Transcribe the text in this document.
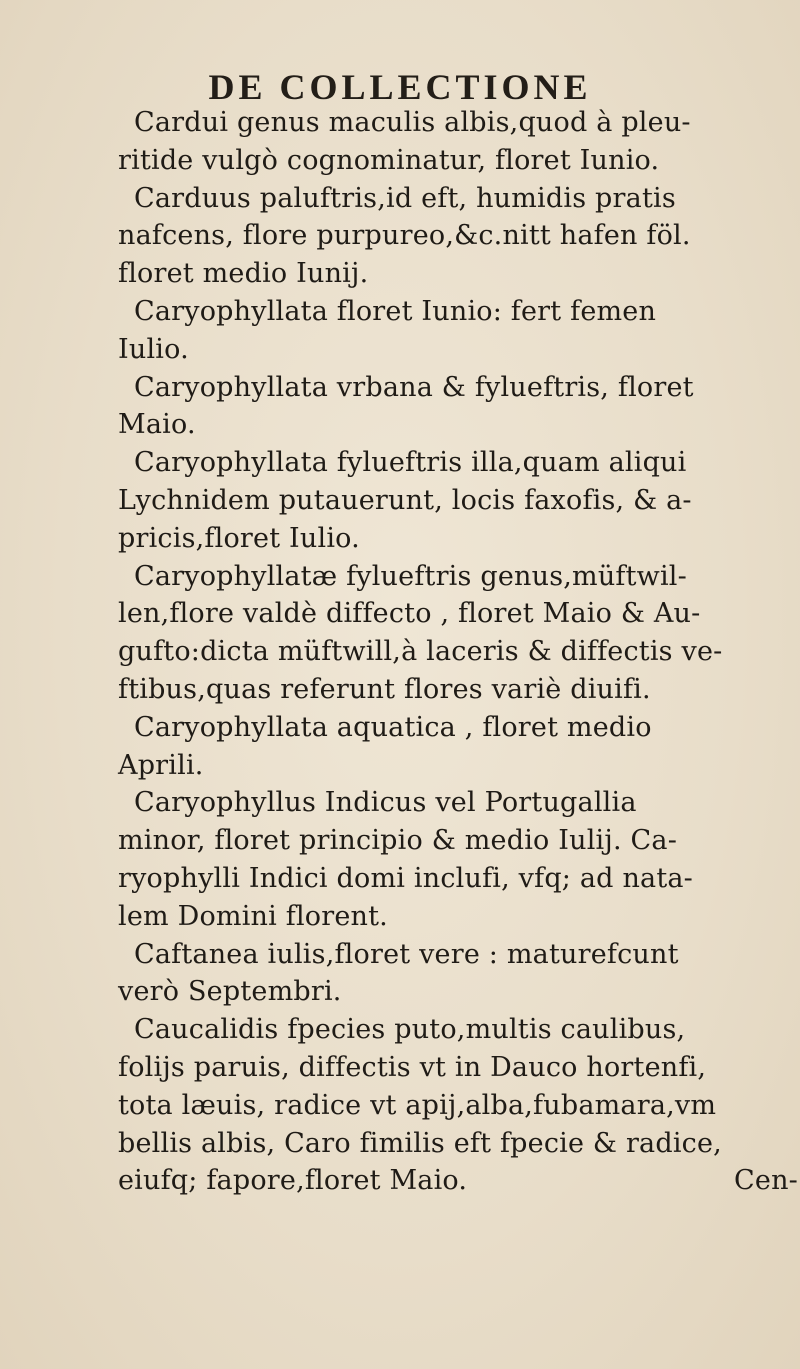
DE COLLECTIONE
Cardui genus maculis albis,quod à pleu-
ritide vulgò cognominatur, floret Iunio.
Carduus paluftris,id eft, humidis pratis
nafcens, flore purpureo,&c.nitt hafen föl.
floret medio Iunij.
Caryophyllata floret Iunio: fert femen
Iulio.
Caryophyllata vrbana & fylueftris, floret
Maio.
Caryophyllata fylueftris illa,quam aliqui
Lychnidem putauerunt, locis faxofis, & a-
pricis,floret Iulio.
Caryophyllatæ fylueftris genus,müftwil-
len,flore valdè diffecto , floret Maio & Au-
gufto:dicta müftwill,à laceris & diffectis ve-
ftibus,quas referunt flores variè diuifi.
Caryophyllata aquatica , floret medio
Aprili.
Caryophyllus Indicus vel Portugallia
minor, floret principio & medio Iulij. Ca-
ryophylli Indici domi inclufi, vfq; ad nata-
lem Domini florent.
Caftanea iulis,floret vere : maturefcunt
verò Septembri.
Caucalidis fpecies puto,multis caulibus,
folijs paruis, diffectis vt in Dauco hortenfi,
tota læuis, radice vt apij,alba,fubamara,vm
bellis albis, Caro fimilis eft fpecie & radice,
eiufq; fapore,floret Maio.	Cen-
